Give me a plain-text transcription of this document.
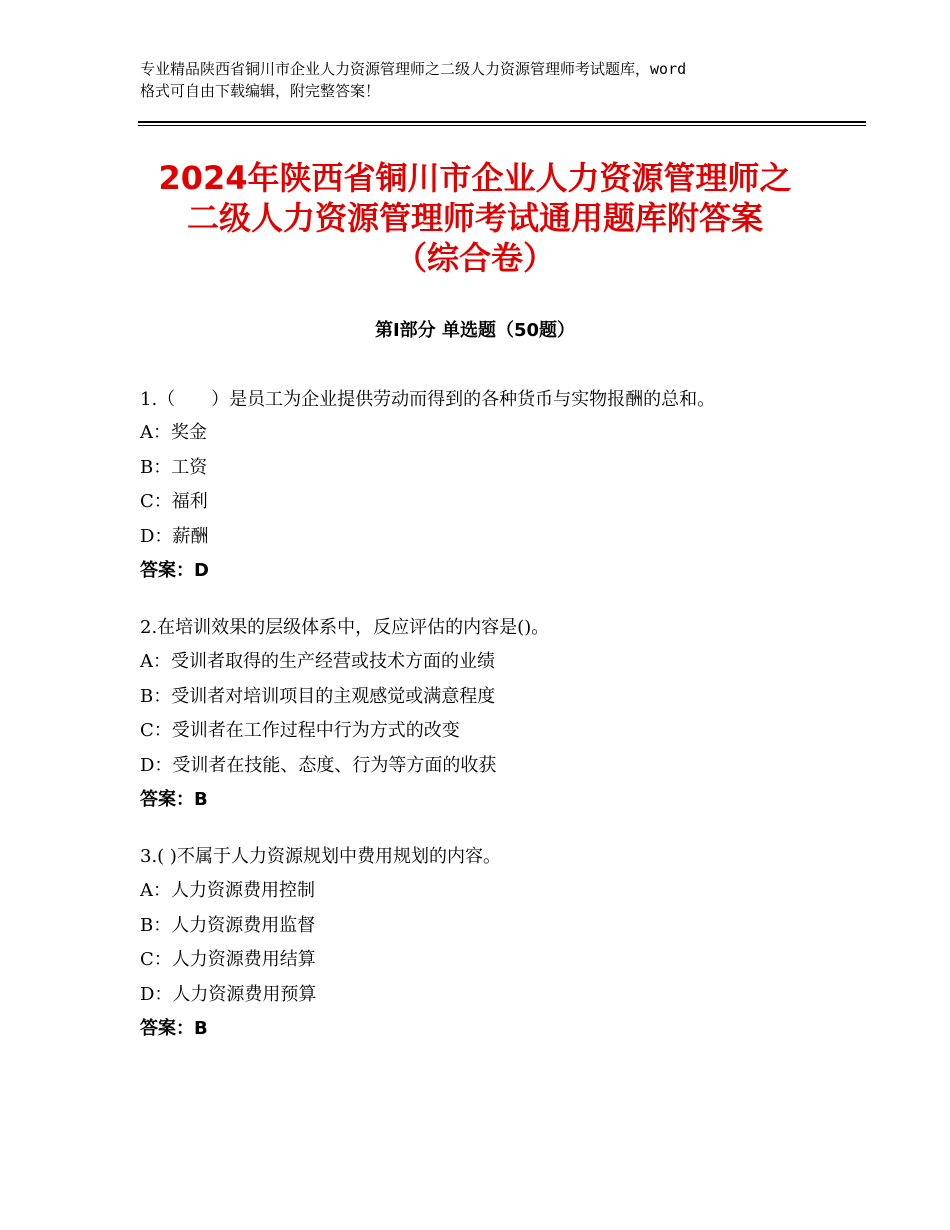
专业精品陕西省铜川市企业人力资源管理师之二级人力资源管理师考试题库，word
格式可自由下载编辑，附完整答案！
2024年陕西省铜川市企业人力资源管理师之
二级人力资源管理师考试通用题库附答案
（综合卷）
第Ⅰ部分 单选题（50题）
1.（　　）是员工为企业提供劳动而得到的各种货币与实物报酬的总和。
A：奖金
B：工资
C：福利
D：薪酬
答案：D
2.在培训效果的层级体系中，反应评估的内容是()。
A：受训者取得的生产经营或技术方面的业绩
B：受训者对培训项目的主观感觉或满意程度
C：受训者在工作过程中行为方式的改变
D：受训者在技能、态度、行为等方面的收获
答案：B
3.( )不属于人力资源规划中费用规划的内容。
A：人力资源费用控制
B：人力资源费用监督
C：人力资源费用结算
D：人力资源费用预算
答案：B
